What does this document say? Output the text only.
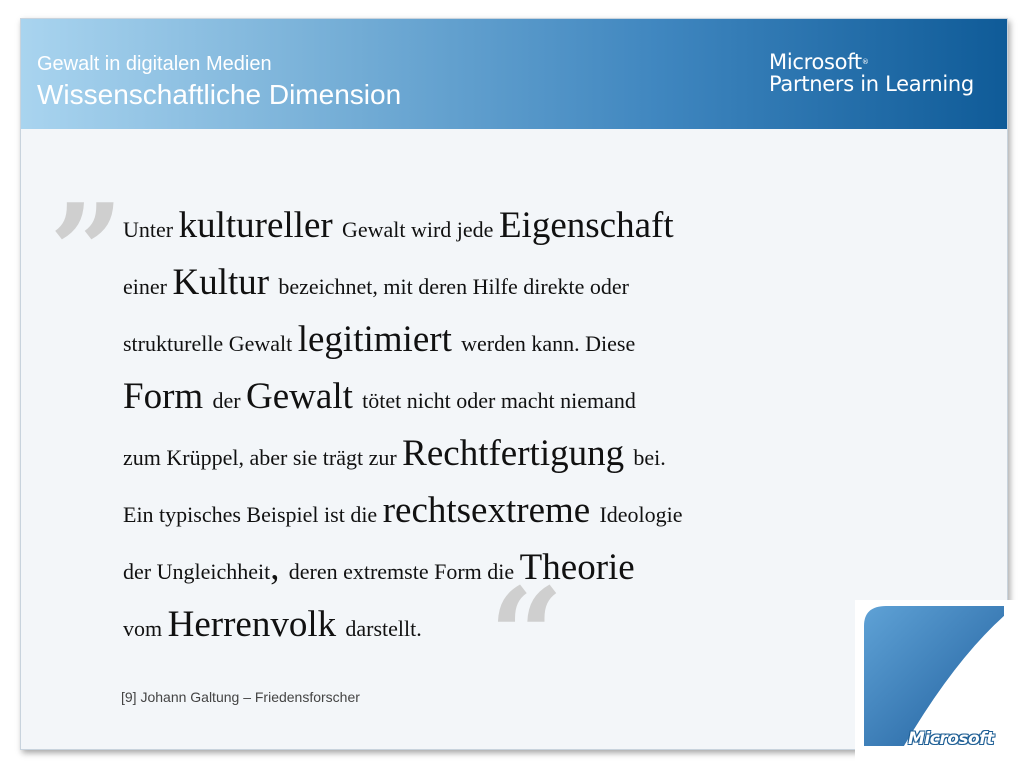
Gewalt in digitalen Medien
Wissenschaftliche Dimension
Microsoft®
Partners in Learning
” Unter kultureller Gewalt wird jede Eigenschaft
einer Kultur bezeichnet, mit deren Hilfe direkte oder
strukturelle Gewalt legitimiert werden kann. Diese
Form der Gewalt tötet nicht oder macht niemand
zum Krüppel, aber sie trägt zur Rechtfertigung bei.
Ein typisches Beispiel ist die rechtsextreme Ideologie
der Ungleichheit, deren extremste Form die Theorie
vom Herrenvolk darstellt. “
[9] Johann Galtung – Friedensforscher
Microsoft
